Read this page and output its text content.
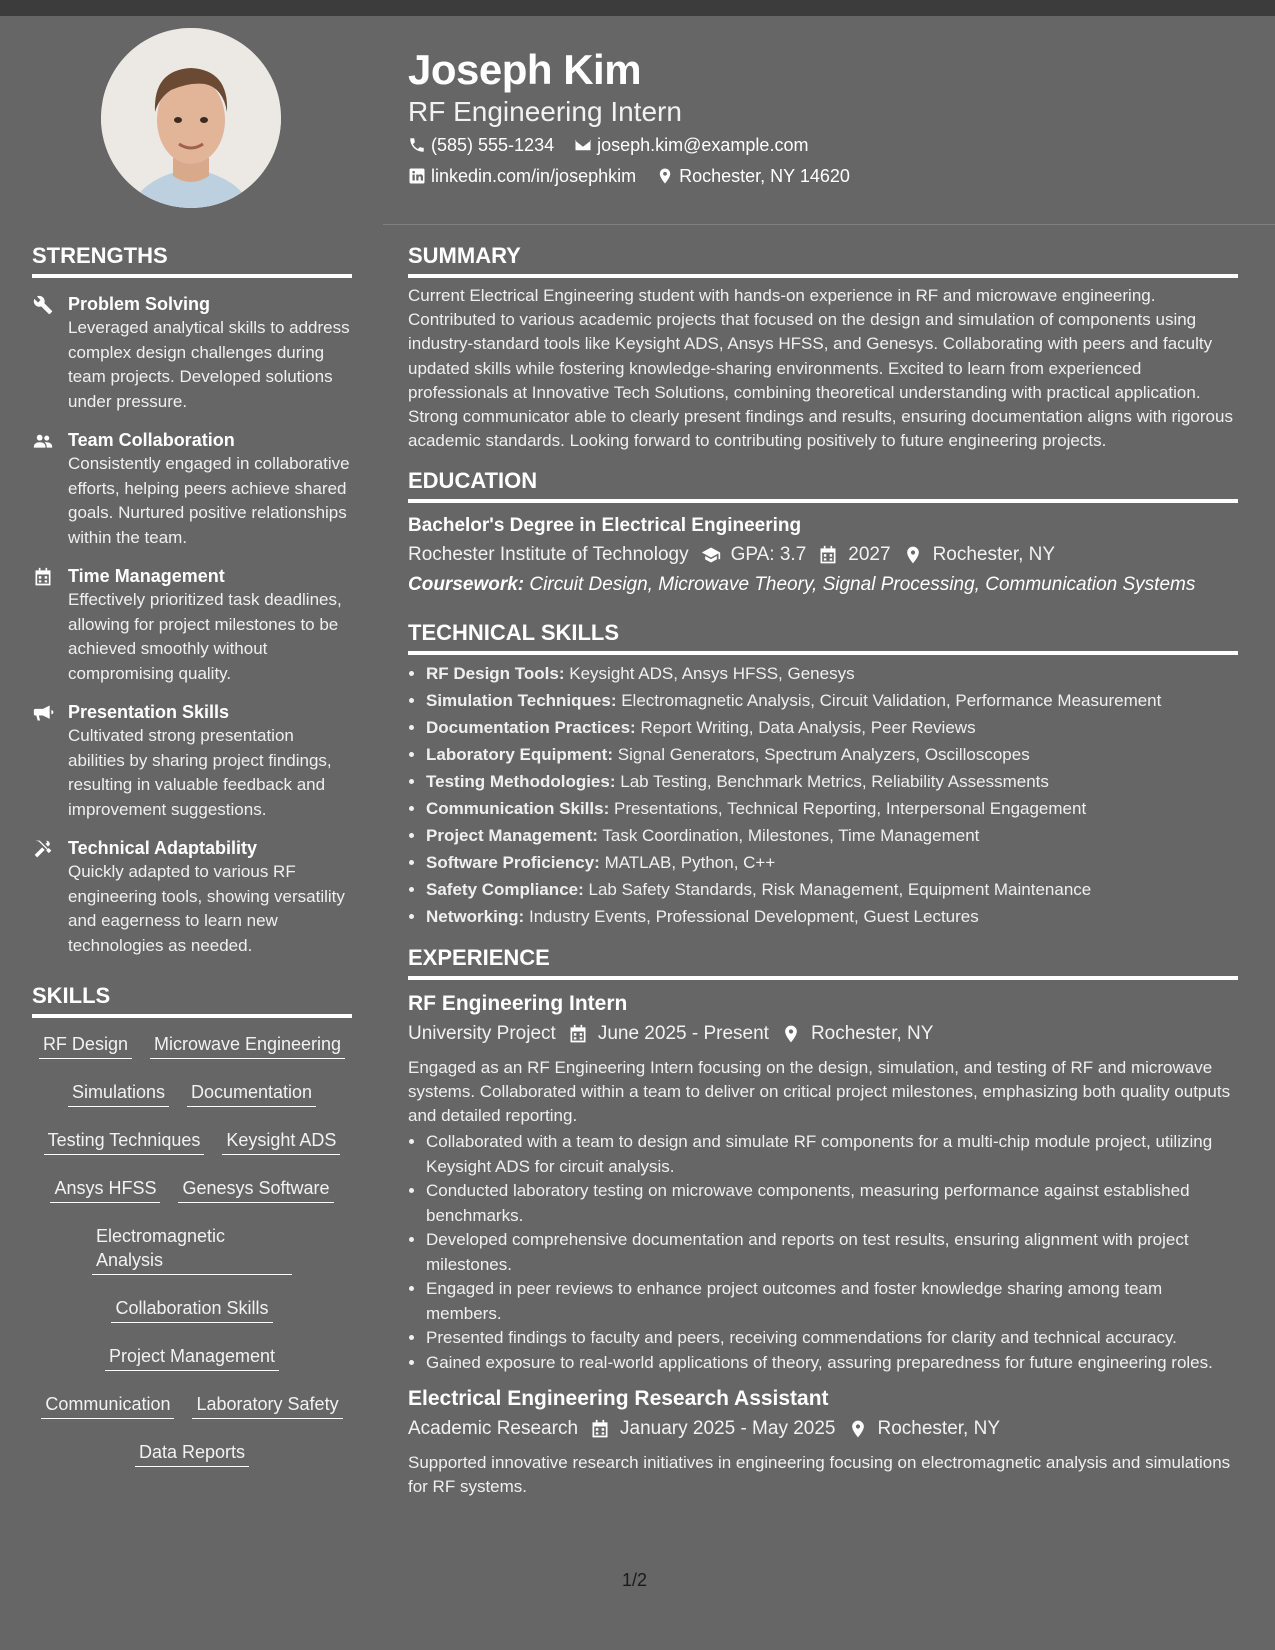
Joseph Kim
RF Engineering Intern
(585) 555-1234 joseph.kim@example.com
linkedin.com/in/josephkim Rochester, NY 14620
STRENGTHS
Problem Solving
Leveraged analytical skills to address complex design challenges during team projects. Developed solutions under pressure.
Team Collaboration
Consistently engaged in collaborative efforts, helping peers achieve shared goals. Nurtured positive relationships within the team.
Time Management
Effectively prioritized task deadlines, allowing for project milestones to be achieved smoothly without compromising quality.
Presentation Skills
Cultivated strong presentation abilities by sharing project findings, resulting in valuable feedback and improvement suggestions.
Technical Adaptability
Quickly adapted to various RF engineering tools, showing versatility and eagerness to learn new technologies as needed.
SKILLS
RF Design Microwave Engineering
Simulations Documentation
Testing Techniques Keysight ADS
Ansys HFSS Genesys Software
Electromagnetic Analysis
Collaboration Skills
Project Management
Communication Laboratory Safety
Data Reports
SUMMARY
Current Electrical Engineering student with hands-on experience in RF and microwave engineering. Contributed to various academic projects that focused on the design and simulation of components using industry-standard tools like Keysight ADS, Ansys HFSS, and Genesys. Collaborating with peers and faculty updated skills while fostering knowledge-sharing environments. Excited to learn from experienced professionals at Innovative Tech Solutions, combining theoretical understanding with practical application. Strong communicator able to clearly present findings and results, ensuring documentation aligns with rigorous academic standards. Looking forward to contributing positively to future engineering projects.
EDUCATION
Bachelor's Degree in Electrical Engineering
Rochester Institute of Technology GPA: 3.7 2027 Rochester, NY
Coursework: Circuit Design, Microwave Theory, Signal Processing, Communication Systems
TECHNICAL SKILLS
• RF Design Tools: Keysight ADS, Ansys HFSS, Genesys
• Simulation Techniques: Electromagnetic Analysis, Circuit Validation, Performance Measurement
• Documentation Practices: Report Writing, Data Analysis, Peer Reviews
• Laboratory Equipment: Signal Generators, Spectrum Analyzers, Oscilloscopes
• Testing Methodologies: Lab Testing, Benchmark Metrics, Reliability Assessments
• Communication Skills: Presentations, Technical Reporting, Interpersonal Engagement
• Project Management: Task Coordination, Milestones, Time Management
• Software Proficiency: MATLAB, Python, C++
• Safety Compliance: Lab Safety Standards, Risk Management, Equipment Maintenance
• Networking: Industry Events, Professional Development, Guest Lectures
EXPERIENCE
RF Engineering Intern
University Project June 2025 - Present Rochester, NY
Engaged as an RF Engineering Intern focusing on the design, simulation, and testing of RF and microwave systems. Collaborated within a team to deliver on critical project milestones, emphasizing both quality outputs and detailed reporting.
• Collaborated with a team to design and simulate RF components for a multi-chip module project, utilizing Keysight ADS for circuit analysis.
• Conducted laboratory testing on microwave components, measuring performance against established benchmarks.
• Developed comprehensive documentation and reports on test results, ensuring alignment with project milestones.
• Engaged in peer reviews to enhance project outcomes and foster knowledge sharing among team members.
• Presented findings to faculty and peers, receiving commendations for clarity and technical accuracy.
• Gained exposure to real-world applications of theory, assuring preparedness for future engineering roles.
Electrical Engineering Research Assistant
Academic Research January 2025 - May 2025 Rochester, NY
Supported innovative research initiatives in engineering focusing on electromagnetic analysis and simulations for RF systems.
1/2
